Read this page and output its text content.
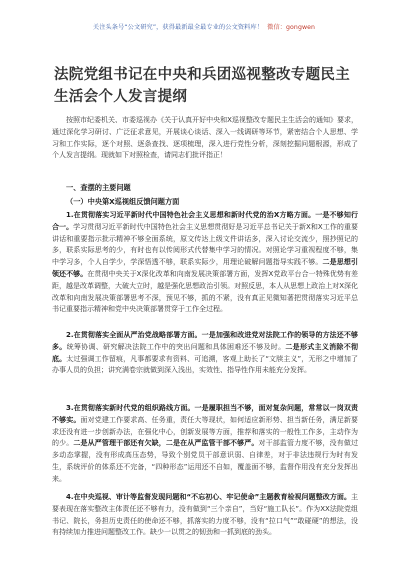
关注头条号“公文研究”，获得最新最全最专业的公文资料库！ 微信：gongwen
法院党组书记在中央和兵团巡视整改专题民主生活会个人发言提纲

按照市纪委机关、市委巡视办《关于认真开好中央和X巡视整改专题民主生活会的通知》要求，通过深化学习研讨、广泛征求意见，开展谈心谈话、深入一线调研等环节，紧密结合个人思想、学习和工作实际，逐个对照、逐条查找、逐项梳理，深入进行党性分析，深刻挖掘问题根源，形成了个人发言提纲。现就如下对照检查，请同志们批评指正！

一、查摆的主要问题
（一）中央第X巡视组反馈问题方面

1.在贯彻落实习近平新时代中国特色社会主义思想和新时代党的治X方略方面。一是不够知行合一。学习贯彻习近平新时代中国特色社会主义思想贯彻好是习近平总书记关于新X和X工作的重要讲话和重要指示批示精神不够全面系统，原文传达上级文件讲话多，深入讨论交流少，照抄照记的多，联系实际思考的少，有时也有以传阅形式代替集中学习的情况。对照论学习重视程度不够，集中学习多，个人自学少，学深悟透不够，联系实际少，用理论破解问题指导实践不够。二是思想引领还不够。在贯彻中央关于X深化改革和向南发展决策部署方面，发挥X党政平台合一特殊优势有差距，越是改革调整，大破大立时，越是强化思想政治引领。对照反思，本人从思想上政治上对X深化改革和向南发展决策部署思考不深，预见不够，抓的不紧，没有真正见微知著把贯彻落实习近平总书记重要指示精神和党中央决策部署贯穿于工作全过程。

2.在贯彻落实全面从严治党战略部署方面。一是加强和改进党对法院工作的领导的方法还不够多。统筹协调、研究解决法院工作中的突出问题和具体困难还不够及时。二是形式主义消除不彻底。太过强调工作留痕，凡事都要求有资料、可追溯，客观上助长了“文牍主义”，无形之中增加了办事人员的负担；讲究满卷宗就做到深入浅出，实效性、指导性作用未能充分发挥。

3.在贯彻落实新时代党的组织路线方面。一是履职担当不够，面对复杂问题，常常以一岗双责不够实。面对党建工作要求高、任务重，责任大等现状，如何适应新形势、担当新任务，满足新要求还没有进一步创新办法，在强化中心，创新发展等方面，推荐和落实的一般性工作多，主动作为的少。二是从严管理干部还有欠缺，二是在从严监管干部不够严。对干部监管力度不够，没有做过多动态掌握，没有形成高压态势，导致个别党员干部意识弱、自律差，对于非法违规行为时有发生，系统评价的体系还不完备，“四种形态”运用还不自如，覆盖面不够，监督作用没有充分发挥出来。

4.在中央巡视、审计等监督发现问题和“不忘初心、牢记使命”主题教育检视问题整改方面。主要表现在落实整改主体责任还不够有力，没有做到“三个亲自”，当好“施工队长”。作为XX法院党组书记、院长，务担历史责任的使命还不够，抓落实的力度不够，没有“拉口气”“敢碰硬”的想法，没有持续加力推进问题整改工作。缺少一以贯之的韧劲和一抓到底的劲头。
